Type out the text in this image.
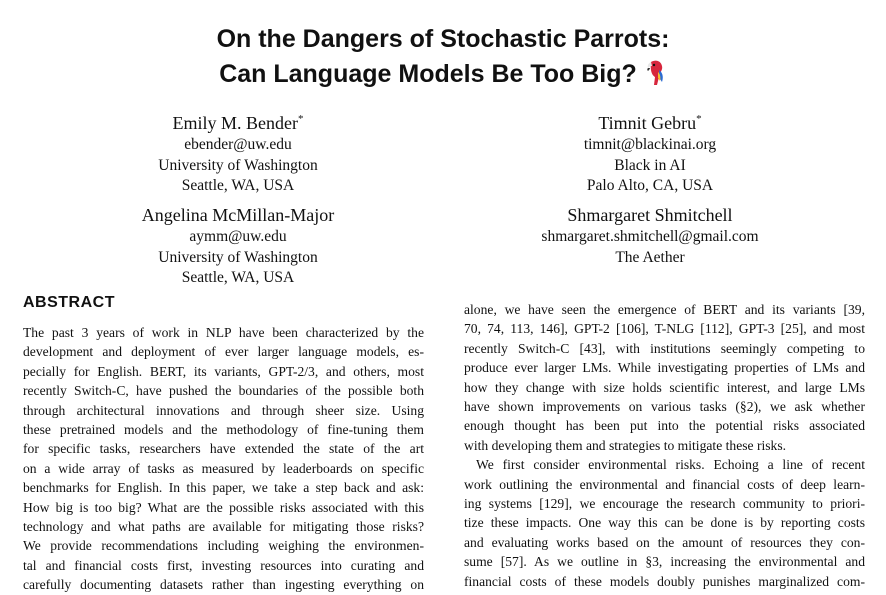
On the Dangers of Stochastic Parrots:
Can Language Models Be Too Big?
Emily M. Bender*
ebender@uw.edu
University of Washington
Seattle, WA, USA
Timnit Gebru*
timnit@blackinai.org
Black in AI
Palo Alto, CA, USA
Angelina McMillan-Major
aymm@uw.edu
University of Washington
Seattle, WA, USA
Shmargaret Shmitchell
shmargaret.shmitchell@gmail.com
The Aether
ABSTRACT
The past 3 years of work in NLP have been characterized by the
development and deployment of ever larger language models, es-
pecially for English. BERT, its variants, GPT-2/3, and others, most
recently Switch-C, have pushed the boundaries of the possible both
through architectural innovations and through sheer size. Using
these pretrained models and the methodology of fine-tuning them
for specific tasks, researchers have extended the state of the art
on a wide array of tasks as measured by leaderboards on specific
benchmarks for English. In this paper, we take a step back and ask:
How big is too big? What are the possible risks associated with this
technology and what paths are available for mitigating those risks?
We provide recommendations including weighing the environmen-
tal and financial costs first, investing resources into curating and
carefully documenting datasets rather than ingesting everything on
alone, we have seen the emergence of BERT and its variants [39,
70, 74, 113, 146], GPT-2 [106], T-NLG [112], GPT-3 [25], and most
recently Switch-C [43], with institutions seemingly competing to
produce ever larger LMs. While investigating properties of LMs and
how they change with size holds scientific interest, and large LMs
have shown improvements on various tasks (§2), we ask whether
enough thought has been put into the potential risks associated
with developing them and strategies to mitigate these risks.
We first consider environmental risks. Echoing a line of recent
work outlining the environmental and financial costs of deep learn-
ing systems [129], we encourage the research community to priori-
tize these impacts. One way this can be done is by reporting costs
and evaluating works based on the amount of resources they con-
sume [57]. As we outline in §3, increasing the environmental and
financial costs of these models doubly punishes marginalized com-
